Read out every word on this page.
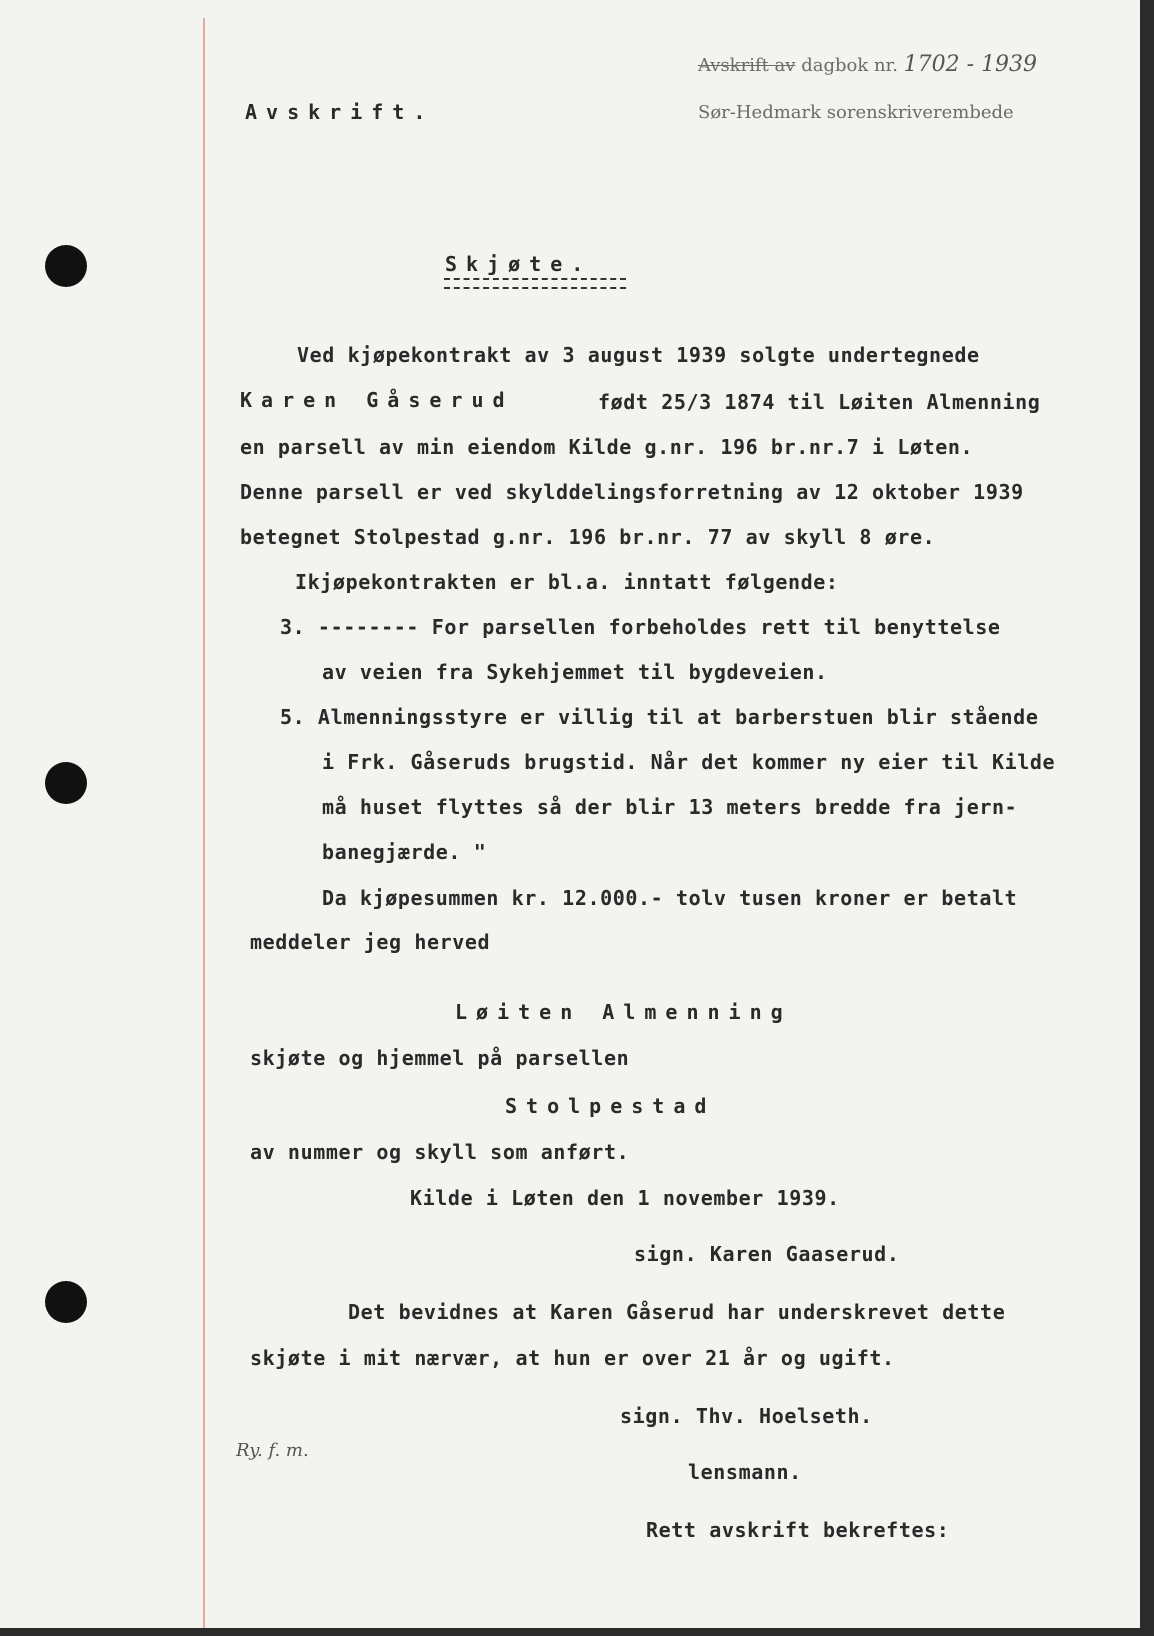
Avskrift av dagbok nr. 1702 - 1939
Sør-Hedmark sorenskriverembede
Avskrift.
Skjøte.
Ved kjøpekontrakt av 3 august 1939 solgte undertegnede
Karen Gåserud	født 25/3 1874 til Løiten Almenning
en parsell av min eiendom Kilde g.nr. 196 br.nr.7 i Løten.
Denne parsell er ved skylddelingsforretning av 12 oktober 1939
betegnet Stolpestad g.nr. 196 br.nr. 77 av skyll 8 øre.
Ikjøpekontrakten er bl.a. inntatt følgende:
3. -------- For parsellen forbeholdes rett til benyttelse
av veien fra Sykehjemmet til bygdeveien.
5. Almenningsstyre er villig til at barberstuen blir stående
i Frk. Gåseruds brugstid. Når det kommer ny eier til Kilde
må huset flyttes så der blir 13 meters bredde fra jern-
banegjærde. "
Da kjøpesummen kr. 12.000.- tolv tusen kroner er betalt
meddeler jeg herved
Løiten Almenning
skjøte og hjemmel på parsellen
Stolpestad
av nummer og skyll som anført.
Kilde i Løten den 1 november 1939.
sign. Karen Gaaserud.
Det bevidnes at Karen Gåserud har underskrevet dette
skjøte i mit nærvær, at hun er over 21 år og ugift.
sign. Thv. Hoelseth.
lensmann.
Rett avskrift bekreftes:
Ry. f. m.
